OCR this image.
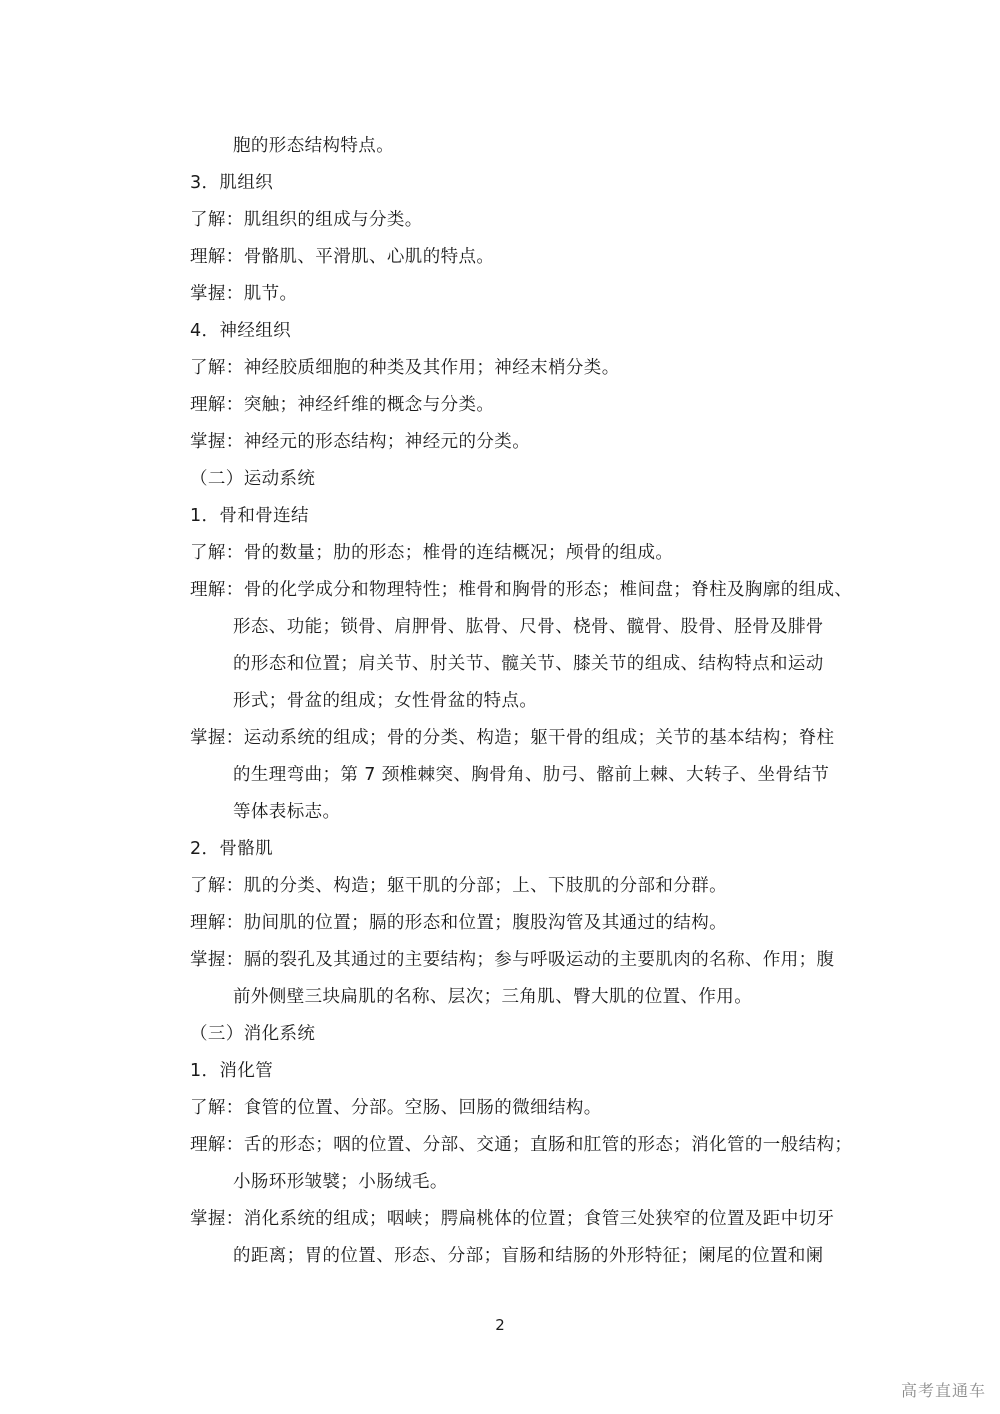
胞的形态结构特点。
3．肌组织
了解：肌组织的组成与分类。
理解：骨骼肌、平滑肌、心肌的特点。
掌握：肌节。
4．神经组织
了解：神经胶质细胞的种类及其作用；神经末梢分类。
理解：突触；神经纤维的概念与分类。
掌握：神经元的形态结构；神经元的分类。
（二）运动系统
1．骨和骨连结
了解：骨的数量；肋的形态；椎骨的连结概况；颅骨的组成。
理解：骨的化学成分和物理特性；椎骨和胸骨的形态；椎间盘；脊柱及胸廓的组成、
形态、功能；锁骨、肩胛骨、肱骨、尺骨、桡骨、髋骨、股骨、胫骨及腓骨
的形态和位置；肩关节、肘关节、髋关节、膝关节的组成、结构特点和运动
形式；骨盆的组成；女性骨盆的特点。
掌握：运动系统的组成；骨的分类、构造；躯干骨的组成；关节的基本结构；脊柱
的生理弯曲；第 7 颈椎棘突、胸骨角、肋弓、髂前上棘、大转子、坐骨结节
等体表标志。
2．骨骼肌
了解：肌的分类、构造；躯干肌的分部；上、下肢肌的分部和分群。
理解：肋间肌的位置；膈的形态和位置；腹股沟管及其通过的结构。
掌握：膈的裂孔及其通过的主要结构；参与呼吸运动的主要肌肉的名称、作用；腹
前外侧壁三块扁肌的名称、层次；三角肌、臀大肌的位置、作用。
（三）消化系统
1．消化管
了解：食管的位置、分部。空肠、回肠的微细结构。
理解：舌的形态；咽的位置、分部、交通；直肠和肛管的形态；消化管的一般结构；
小肠环形皱襞；小肠绒毛。
掌握：消化系统的组成；咽峡；腭扁桃体的位置；食管三处狭窄的位置及距中切牙
的距离；胃的位置、形态、分部；盲肠和结肠的外形特征；阑尾的位置和阑
2
高考直通车
